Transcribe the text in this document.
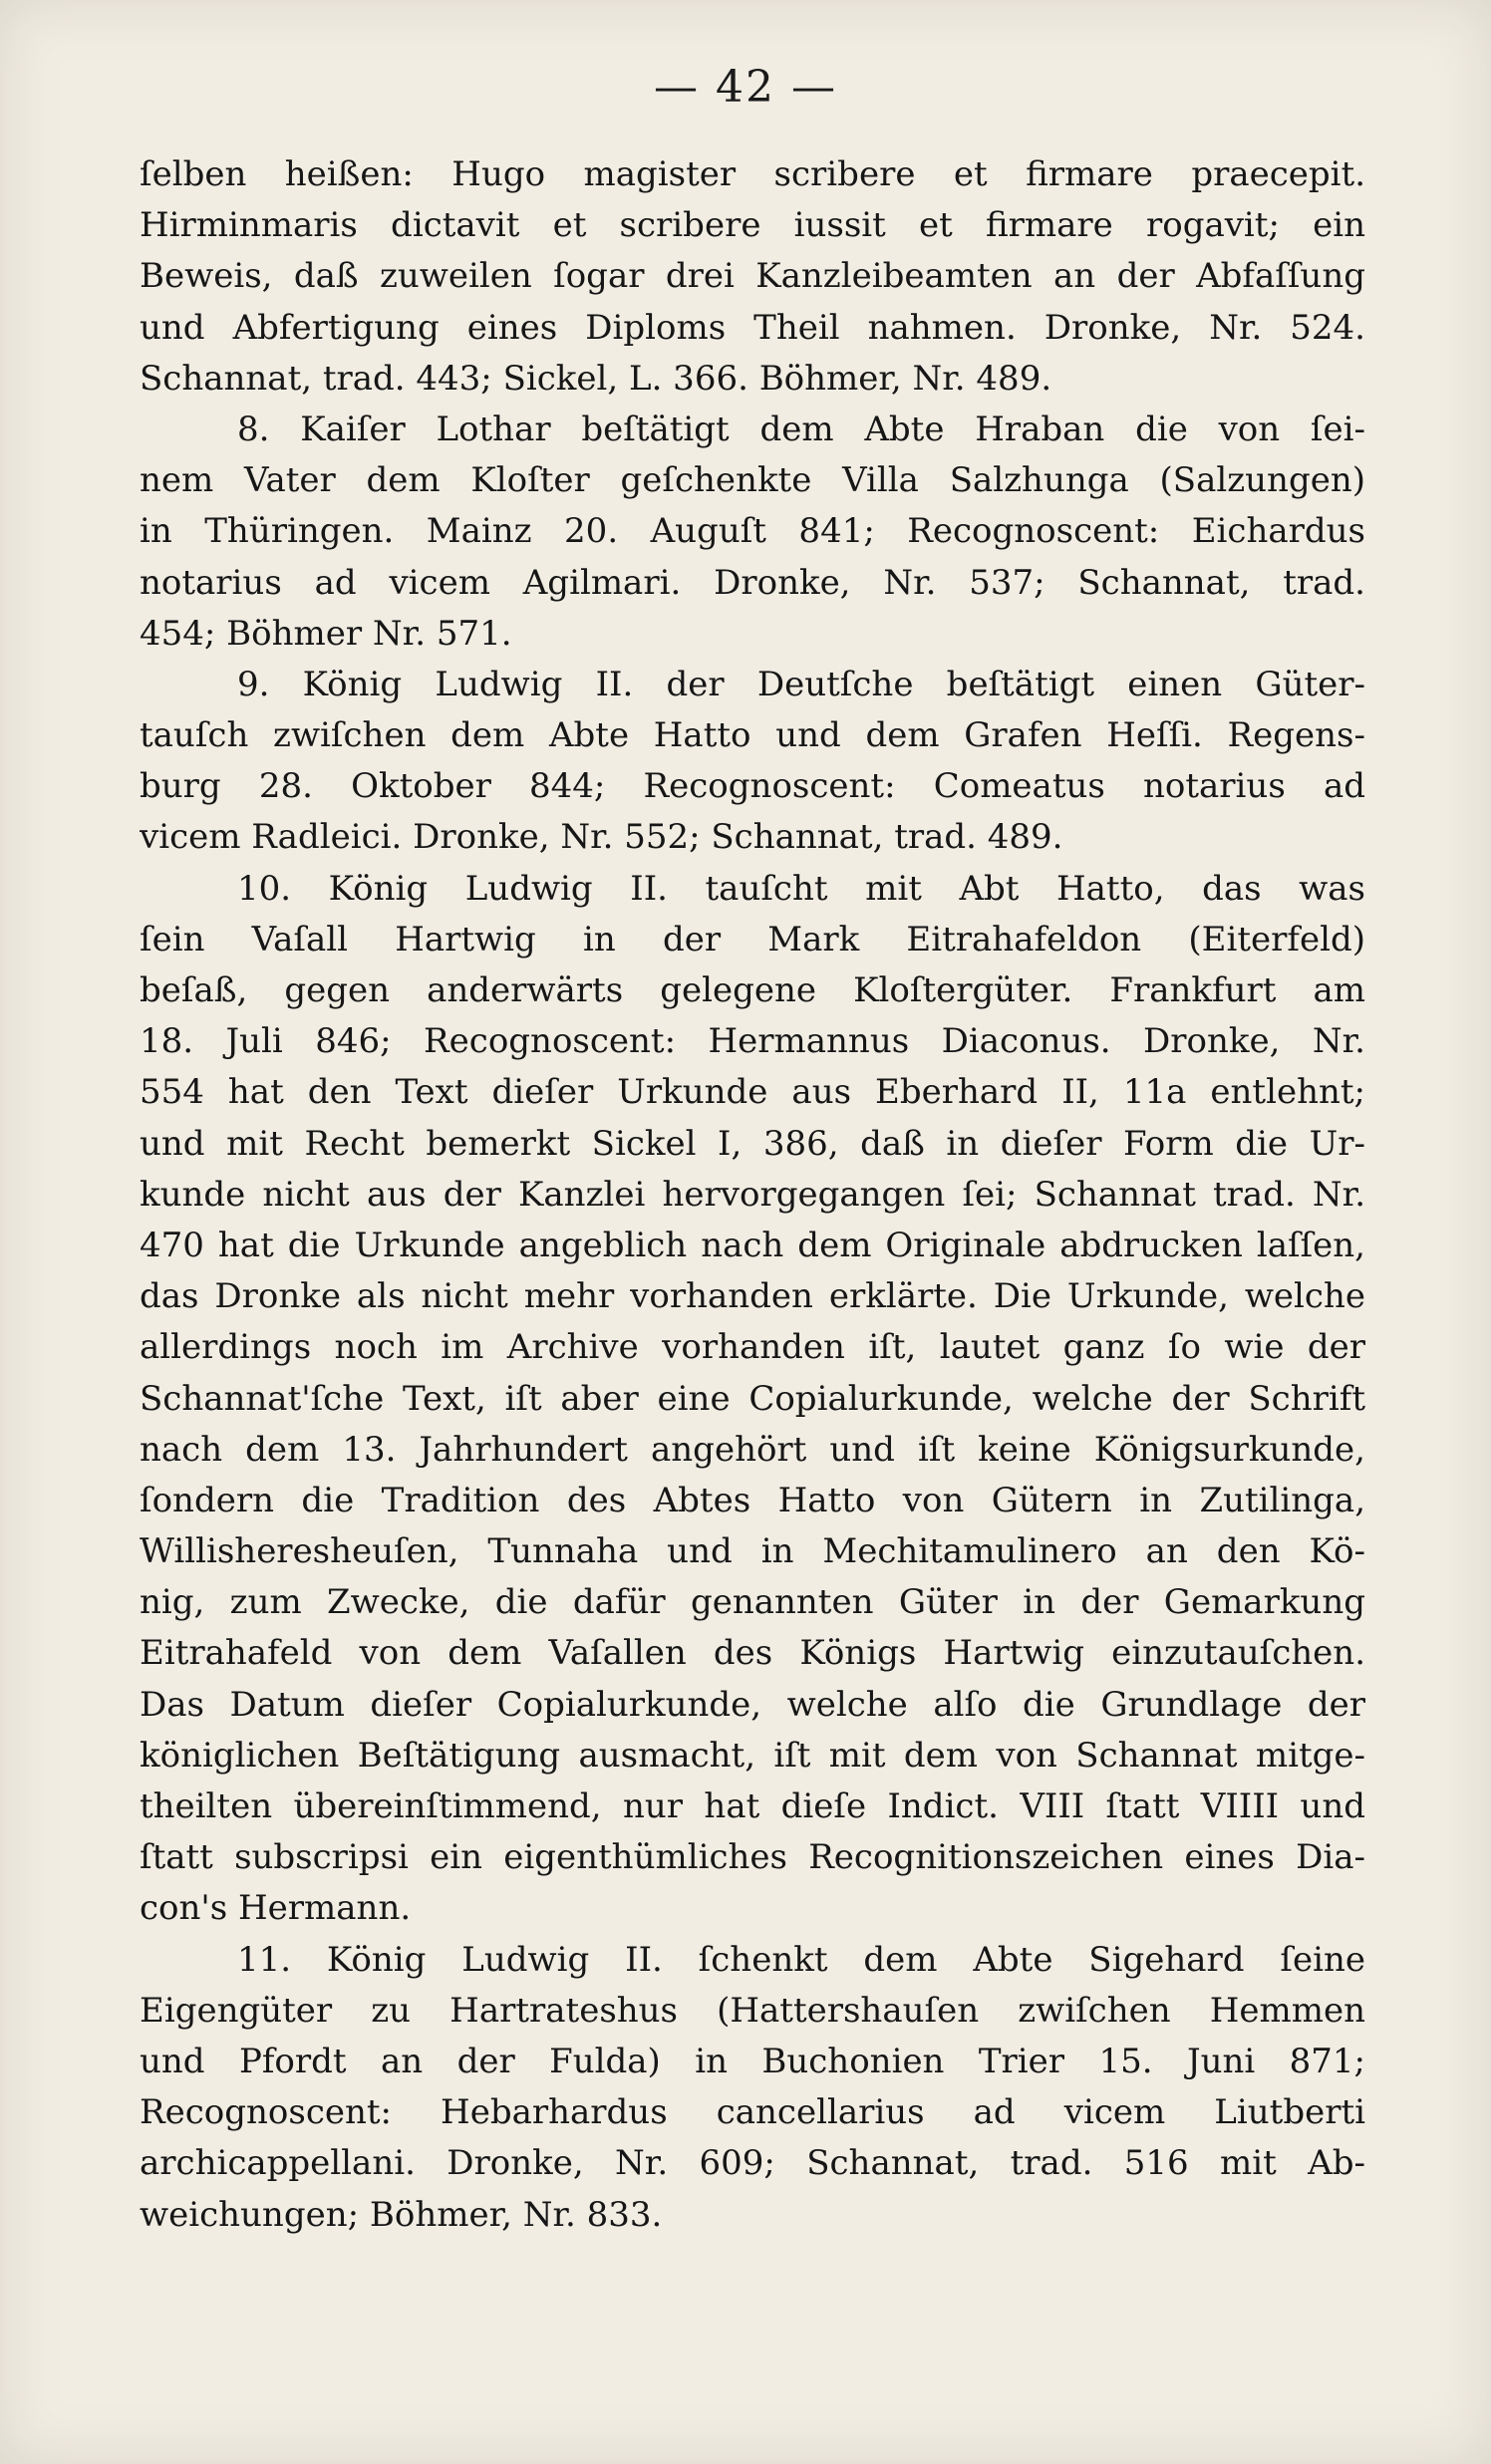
— 42 —
ſelben heißen: Hugo magister scribere et firmare praecepit.
Hirminmaris dictavit et scribere iussit et firmare rogavit; ein
Beweis, daß zuweilen ſogar drei Kanzleibeamten an der Abfaſſung
und Abfertigung eines Diploms Theil nahmen. Dronke, Nr. 524.
Schannat, trad. 443; Sickel, L. 366. Böhmer, Nr. 489.
8. Kaiſer Lothar beſtätigt dem Abte Hraban die von ſei-
nem Vater dem Kloſter geſchenkte Villa Salzhunga (Salzungen)
in Thüringen. Mainz 20. Auguſt 841; Recognoscent: Eichardus
notarius ad vicem Agilmari. Dronke, Nr. 537; Schannat, trad.
454; Böhmer Nr. 571.
9. König Ludwig II. der Deutſche beſtätigt einen Güter-
tauſch zwiſchen dem Abte Hatto und dem Grafen Heſſi. Regens-
burg 28. Oktober 844; Recognoscent: Comeatus notarius ad
vicem Radleici. Dronke, Nr. 552; Schannat, trad. 489.
10. König Ludwig II. tauſcht mit Abt Hatto, das was
ſein Vaſall Hartwig in der Mark Eitrahafeldon (Eiterfeld)
beſaß, gegen anderwärts gelegene Kloſtergüter. Frankfurt am
18. Juli 846; Recognoscent: Hermannus Diaconus. Dronke, Nr.
554 hat den Text dieſer Urkunde aus Eberhard II, 11a entlehnt;
und mit Recht bemerkt Sickel I, 386, daß in dieſer Form die Ur-
kunde nicht aus der Kanzlei hervorgegangen ſei; Schannat trad. Nr.
470 hat die Urkunde angeblich nach dem Originale abdrucken laſſen,
das Dronke als nicht mehr vorhanden erklärte. Die Urkunde, welche
allerdings noch im Archive vorhanden iſt, lautet ganz ſo wie der
Schannat'ſche Text, iſt aber eine Copialurkunde, welche der Schrift
nach dem 13. Jahrhundert angehört und iſt keine Königsurkunde,
ſondern die Tradition des Abtes Hatto von Gütern in Zutilinga,
Willisheresheuſen, Tunnaha und in Mechitamulinero an den Kö-
nig, zum Zwecke, die dafür genannten Güter in der Gemarkung
Eitrahafeld von dem Vaſallen des Königs Hartwig einzutauſchen.
Das Datum dieſer Copialurkunde, welche alſo die Grundlage der
königlichen Beſtätigung ausmacht, iſt mit dem von Schannat mitge-
theilten übereinſtimmend, nur hat dieſe Indict. VIII ſtatt VIIII und
ſtatt subscripsi ein eigenthümliches Recognitionszeichen eines Dia-
con's Hermann.
11. König Ludwig II. ſchenkt dem Abte Sigehard ſeine
Eigengüter zu Hartrateshus (Hattershauſen zwiſchen Hemmen
und Pfordt an der Fulda) in Buchonien Trier 15. Juni 871;
Recognoscent: Hebarhardus cancellarius ad vicem Liutberti
archicappellani. Dronke, Nr. 609; Schannat, trad. 516 mit Ab-
weichungen; Böhmer, Nr. 833.
